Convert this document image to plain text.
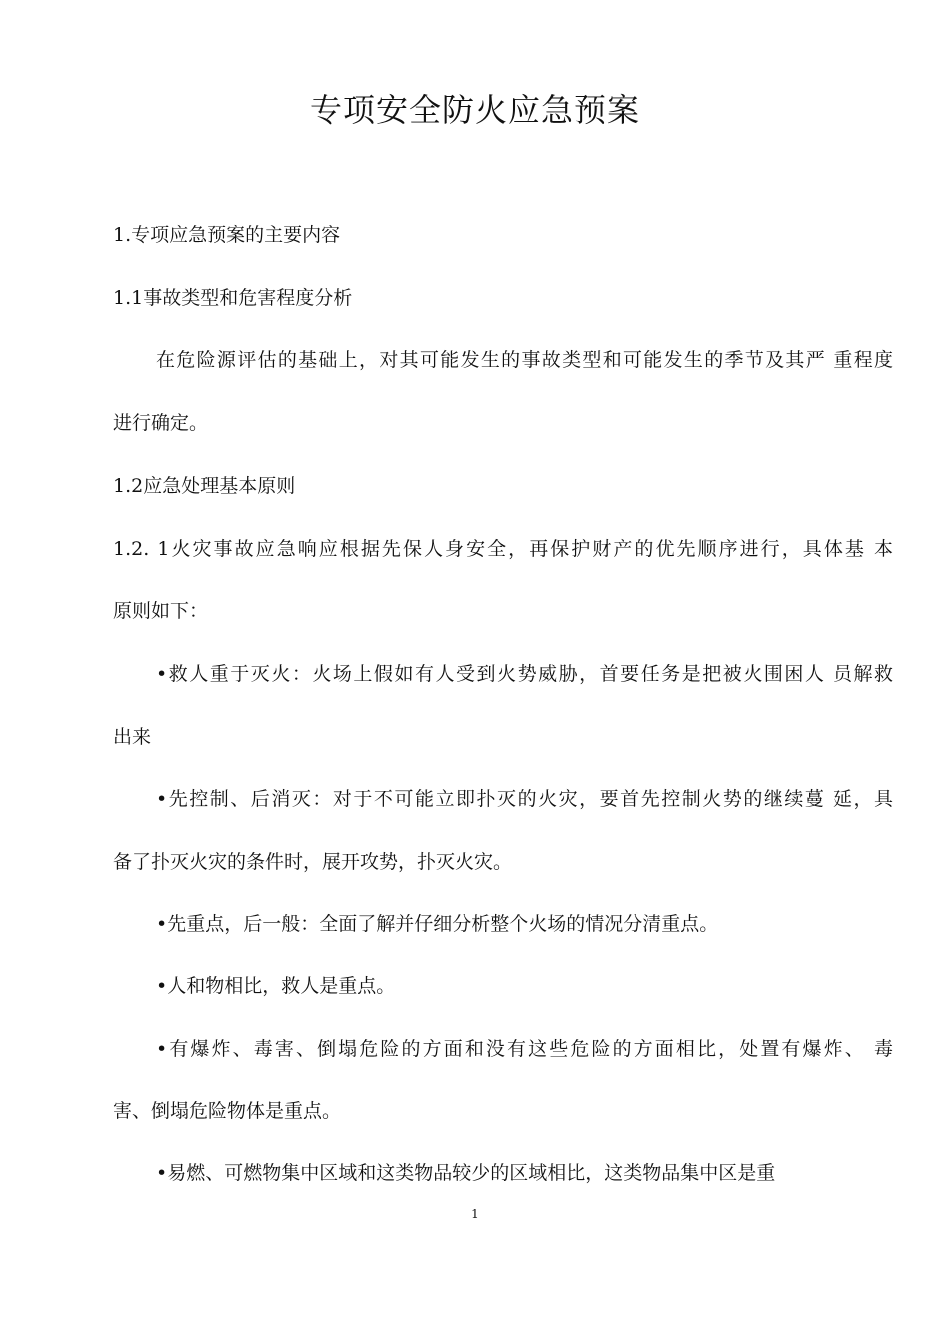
专项安全防火应急预案
1.专项应急预案的主要内容
1.1事故类型和危害程度分析
在危险源评估的基础上，对其可能发生的事故类型和可能发生的季节及其严 重程度
进行确定。
1.2应急处理基本原则
1.2. 1火灾事故应急响应根据先保人身安全，再保护财产的优先顺序进行，具体基 本
原则如下：
•救人重于灭火：火场上假如有人受到火势威胁，首要任务是把被火围困人 员解救
出来
•先控制、后消灭：对于不可能立即扑灭的火灾，要首先控制火势的继续蔓 延，具
备了扑灭火灾的条件时，展开攻势，扑灭火灾。
•先重点，后一般：全面了解并仔细分析整个火场的情况分清重点。
•人和物相比，救人是重点。
•有爆炸、毒害、倒塌危险的方面和没有这些危险的方面相比，处置有爆炸、 毒
害、倒塌危险物体是重点。
•易燃、可燃物集中区域和这类物品较少的区域相比，这类物品集中区是重
1
